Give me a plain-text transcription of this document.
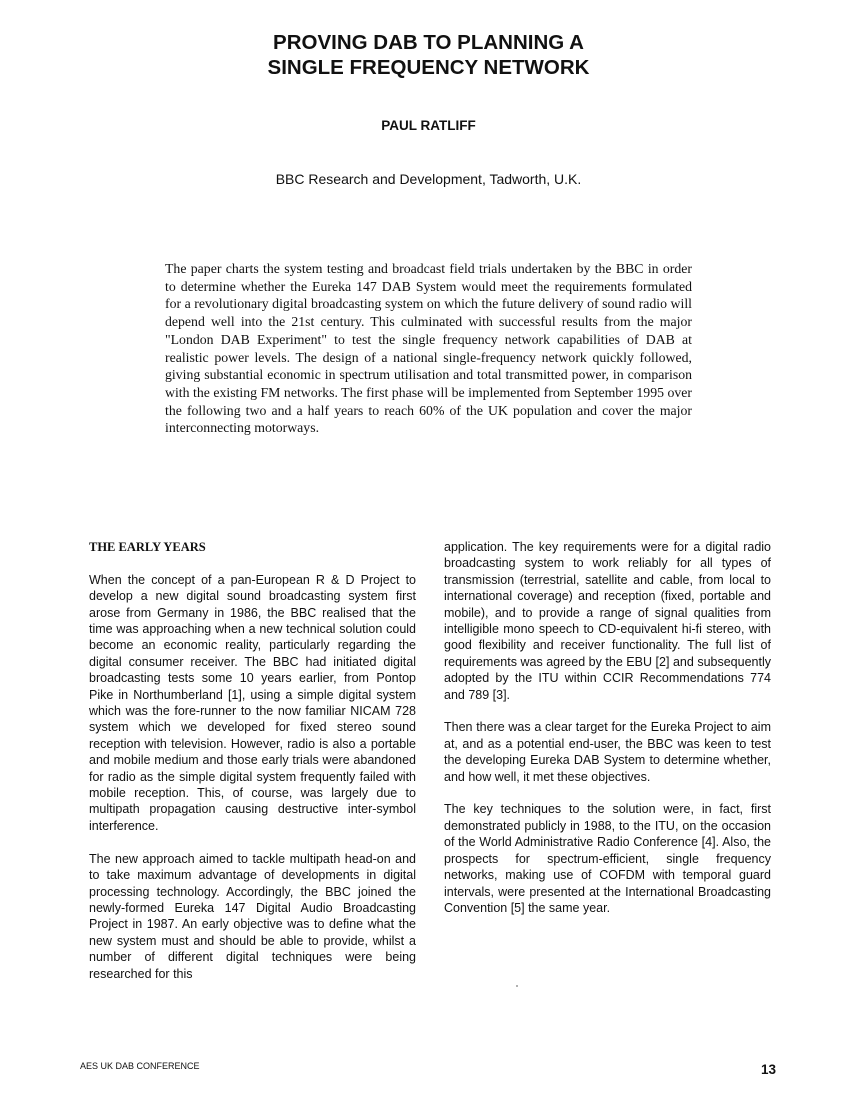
PROVING DAB TO PLANNING A
SINGLE FREQUENCY NETWORK

PAUL RATLIFF

BBC Research and Development, Tadworth, U.K.

The paper charts the system testing and broadcast field trials undertaken by the BBC in order to determine whether the Eureka 147 DAB System would meet the requirements formulated for a revolutionary digital broadcasting system on which the future delivery of sound radio will depend well into the 21st century. This culminated with successful results from the major "London DAB Experiment" to test the single frequency network capabilities of DAB at realistic power levels. The design of a national single-frequency network quickly followed, giving substantial economic in spectrum utilisation and total transmitted power, in comparison with the existing FM networks. The first phase will be implemented from September 1995 over the following two and a half years to reach 60% of the UK population and cover the major interconnecting motorways.

THE EARLY YEARS

When the concept of a pan-European R & D Project to develop a new digital sound broadcasting system first arose from Germany in 1986, the BBC realised that the time was approaching when a new technical solution could become an economic reality, particularly regarding the digital consumer receiver. The BBC had initiated digital broadcasting tests some 10 years earlier, from Pontop Pike in Northumberland [1], using a simple digital system which was the fore-runner to the now familiar NICAM 728 system which we developed for fixed stereo sound reception with television. However, radio is also a portable and mobile medium and those early trials were abandoned for radio as the simple digital system frequently failed with mobile reception. This, of course, was largely due to multipath propagation causing destructive inter-symbol interference.

The new approach aimed to tackle multipath head-on and to take maximum advantage of developments in digital processing technology. Accordingly, the BBC joined the newly-formed Eureka 147 Digital Audio Broadcasting Project in 1987. An early objective was to define what the new system must and should be able to provide, whilst a number of different digital techniques were being researched for this

application. The key requirements were for a digital radio broadcasting system to work reliably for all types of transmission (terrestrial, satellite and cable, from local to international coverage) and reception (fixed, portable and mobile), and to provide a range of signal qualities from intelligible mono speech to CD-equivalent hi-fi stereo, with good flexibility and receiver functionality. The full list of requirements was agreed by the EBU [2] and subsequently adopted by the ITU within CCIR Recommendations 774 and 789 [3].

Then there was a clear target for the Eureka Project to aim at, and as a potential end-user, the BBC was keen to test the developing Eureka DAB System to determine whether, and how well, it met these objectives.

The key techniques to the solution were, in fact, first demonstrated publicly in 1988, to the ITU, on the occasion of the World Administrative Radio Conference [4]. Also, the prospects for spectrum-efficient, single frequency networks, making use of COFDM with temporal guard intervals, were presented at the International Broadcasting Convention [5] the same year.

AES UK DAB CONFERENCE	13
